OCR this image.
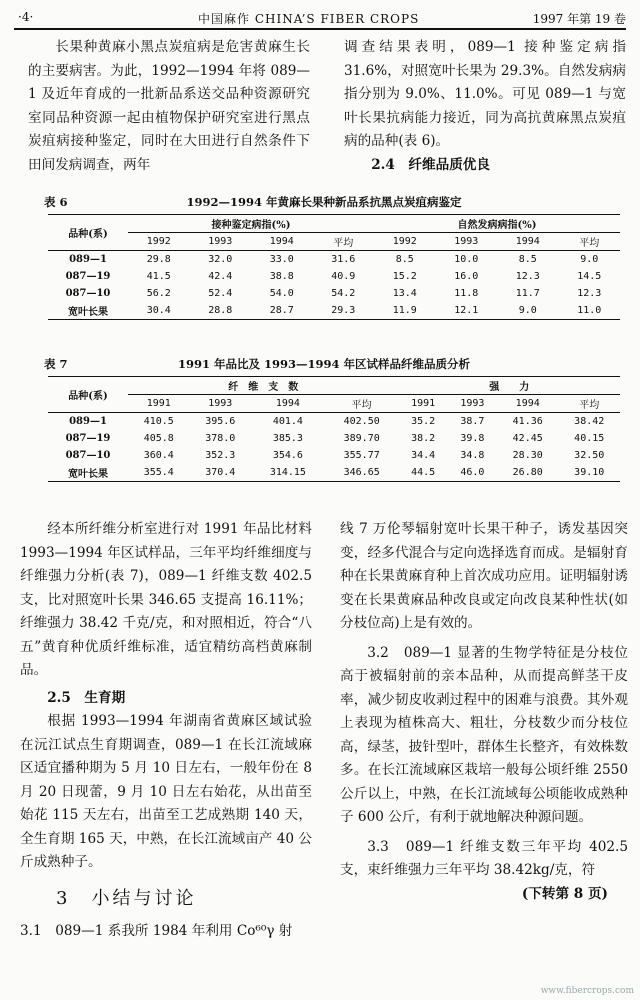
·4·	中国麻作 CHINA’S FIBER CROPS	1997 年第 19 卷

长果种黄麻小黑点炭疽病是危害黄麻生长的主要病害。为此，1992—1994 年将 089—1 及近年育成的一批新品系送交品种资源研究室同品种资源一起由植物保护研究室进行黑点炭疽病接种鉴定，同时在大田进行自然条件下田间发病调查，两年

调查结果表明，089—1 接种鉴定病指 31.6%，对照宽叶长果为 29.3%。自然发病病指分别为 9.0%、11.0%。可见 089—1 与宽叶长果抗病能力接近，同为高抗黄麻黑点炭疽病的品种(表 6)。

2.4　纤维品质优良

表 6	1992—1994 年黄麻长果种新品系抗黑点炭疽病鉴定
品种(系)	接种鉴定病指(%)				自然发病病指(%)			
	1992	1993	1994	平均	1992	1993	1994	平均
089—1	29.8	32.0	33.0	31.6	8.5	10.0	8.5	9.0
087—19	41.5	42.4	38.8	40.9	15.2	16.0	12.3	14.5
087—10	56.2	52.4	54.0	54.2	13.4	11.8	11.7	12.3
宽叶长果	30.4	28.8	28.7	29.3	11.9	12.1	9.0	11.0
表 7	1991 年品比及 1993—1994 年区试样品纤维品质分析
品种(系)	纤　维　支　数				强　　力			
	1991	1993	1994	平均	1991	1993	1994	平均
089—1	410.5	395.6	401.4	402.50	35.2	38.7	41.36	38.42
087—19	405.8	378.0	385.3	389.70	38.2	39.8	42.45	40.15
087—10	360.4	352.3	354.6	355.77	34.4	34.8	28.30	32.50
宽叶长果	355.4	370.4	314.15	346.65	44.5	46.0	26.80	39.10

经本所纤维分析室进行对 1991 年品比材料 1993—1994 年区试样品，三年平均纤维细度与纤维强力分析(表 7)，089—1 纤维支数 402.5 支，比对照宽叶长果 346.65 支提高 16.11%；纤维强力 38.42 千克/克，和对照相近，符合“八五”黄育种优质纤维标准，适宜精纺高档黄麻制品。

2.5　生育期

根据 1993—1994 年湖南省黄麻区域试验在沅江试点生育期调查，089—1 在长江流域麻区适宜播种期为 5 月 10 日左右，一般年份在 8 月 20 日现蕾，9 月 10 日左右始花，从出苗至始花 115 天左右，出苗至工艺成熟期 140 天，全生育期 165 天，中熟，在长江流域亩产 40 公斤成熟种子。

3　小结与讨论

3.1　089—1 系我所 1984 年利用 Co⁶⁰γ 射

线 7 万伦琴辐射宽叶长果干种子，诱发基因突变，经多代混合与定向选择选育而成。是辐射育种在长果黄麻育种上首次成功应用。证明辐射诱变在长果黄麻品种改良或定向改良某种性状(如分枝位高)上是有效的。

3.2　089—1 显著的生物学特征是分枝位高于被辐射前的亲本品种，从而提高鲜茎干皮率，减少韧皮收剥过程中的困难与浪费。其外观上表现为植株高大、粗壮，分枝数少而分枝位高，绿茎，披针型叶，群体生长整齐，有效株数多。在长江流域麻区栽培一般每公顷纤维 2550 公斤以上，中熟，在长江流域每公顷能收成熟种子 600 公斤，有利于就地解决种源问题。

3.3　089—1 纤维支数三年平均 402.5 支，束纤维强力三年平均 38.42kg/克，符

(下转第 8 页)

www.fibercrops.com
